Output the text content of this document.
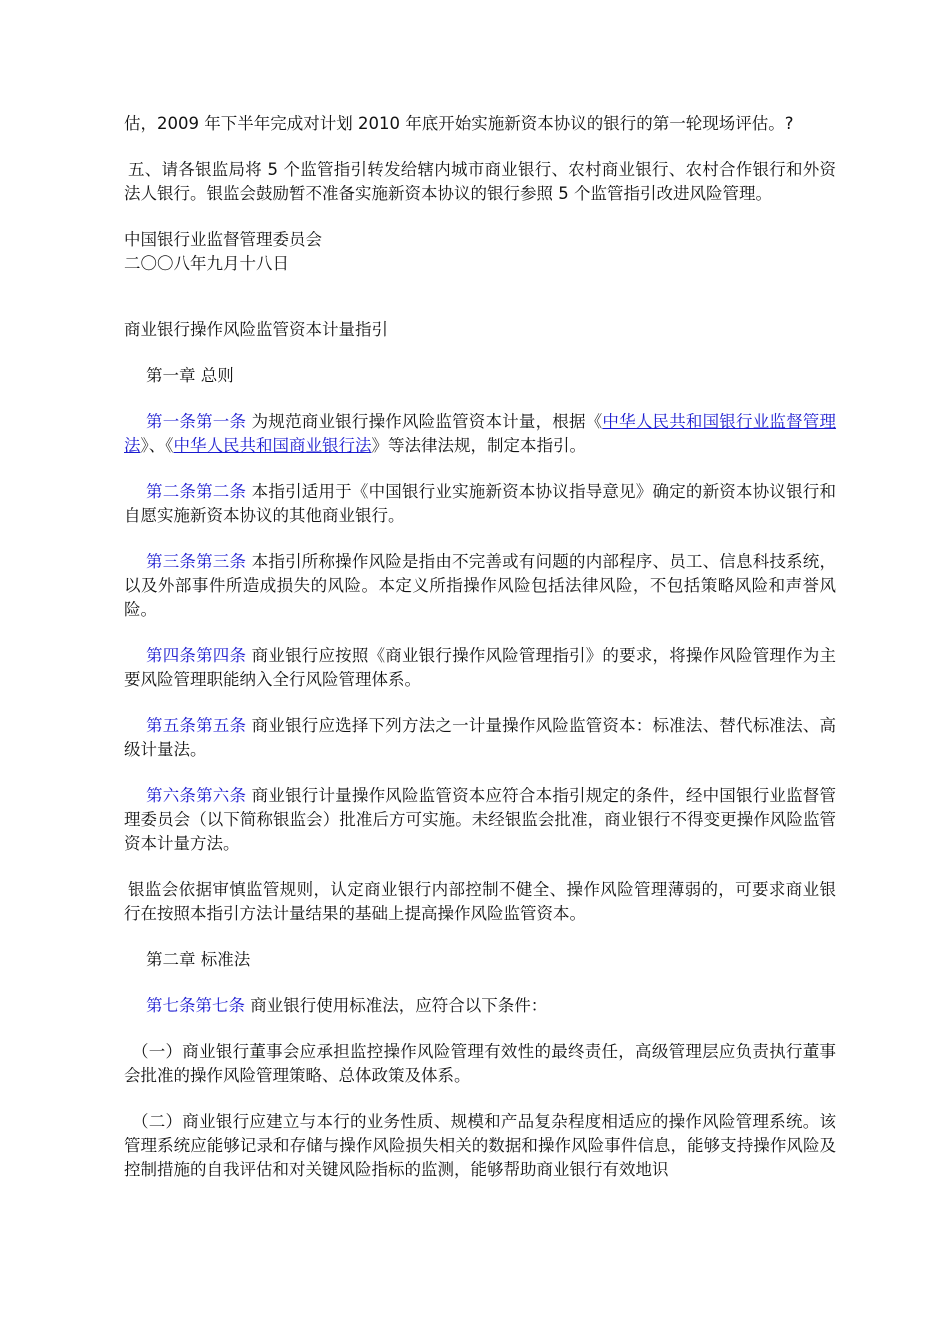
估，2009 年下半年完成对计划 2010 年底开始实施新资本协议的银行的第一轮现场评估。?

五、请各银监局将 5 个监管指引转发给辖内城市商业银行、农村商业银行、农村合作银行和外资法人银行。银监会鼓励暂不准备实施新资本协议的银行参照 5 个监管指引改进风险管理。

中国银行业监督管理委员会

二〇〇八年九月十八日

商业银行操作风险监管资本计量指引

第一章 总则

第一条第一条 为规范商业银行操作风险监管资本计量，根据《中华人民共和国银行业监督管理法》、《中华人民共和国商业银行法》等法律法规，制定本指引。

第二条第二条 本指引适用于《中国银行业实施新资本协议指导意见》确定的新资本协议银行和自愿实施新资本协议的其他商业银行。

第三条第三条 本指引所称操作风险是指由不完善或有问题的内部程序、员工、信息科技系统，以及外部事件所造成损失的风险。本定义所指操作风险包括法律风险，不包括策略风险和声誉风险。

第四条第四条 商业银行应按照《商业银行操作风险管理指引》的要求，将操作风险管理作为主要风险管理职能纳入全行风险管理体系。

第五条第五条 商业银行应选择下列方法之一计量操作风险监管资本：标准法、替代标准法、高级计量法。

第六条第六条 商业银行计量操作风险监管资本应符合本指引规定的条件，经中国银行业监督管理委员会（以下简称银监会）批准后方可实施。未经银监会批准，商业银行不得变更操作风险监管资本计量方法。

银监会依据审慎监管规则，认定商业银行内部控制不健全、操作风险管理薄弱的，可要求商业银行在按照本指引方法计量结果的基础上提高操作风险监管资本。

第二章 标准法

第七条第七条 商业银行使用标准法，应符合以下条件：

（一）商业银行董事会应承担监控操作风险管理有效性的最终责任，高级管理层应负责执行董事会批准的操作风险管理策略、总体政策及体系。

（二）商业银行应建立与本行的业务性质、规模和产品复杂程度相适应的操作风险管理系统。该管理系统应能够记录和存储与操作风险损失相关的数据和操作风险事件信息，能够支持操作风险及控制措施的自我评估和对关键风险指标的监测，能够帮助商业银行有效地识
